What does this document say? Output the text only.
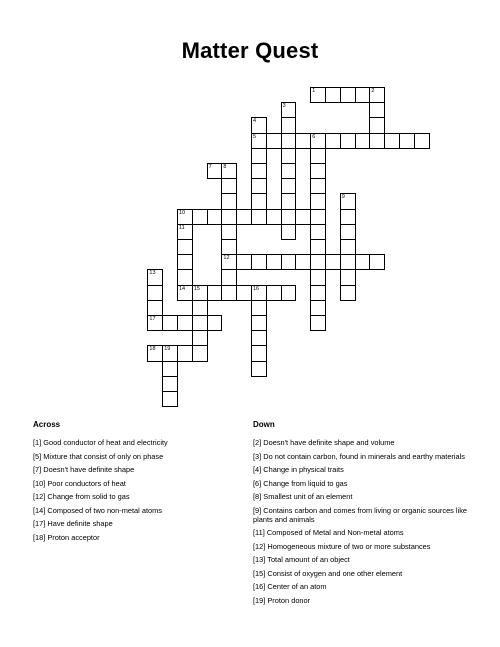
Matter Quest
1	2
3
4
5	6
7 8
12
9
10
11
13
14 15	16
17
18 19
Across
[1] Good conductor of heat and electricity
[5] Mixture that consist of only on phase
[7] Doesn't have definite shape
[10] Poor conductors of heat
[12] Change from solid to gas
[14] Composed of two non-metal atoms
[17] Have definite shape
[18] Proton acceptor
Down
[2] Doesn't have definite shape and volume
[3] Do not contain carbon, found in minerals and earthy materials
[4] Change in physical traits
[6] Change from liquid to gas
[8] Smallest unit of an element
[9] Contains carbon and comes from living or organic sources like plants and animals
[11] Composed of Metal and Non-metal atoms
[12] Homogeneous mixture of two or more substances
[13] Total amount of an object
[15] Consist of oxygen and one other element
[16] Center of an atom
[19] Proton donor
